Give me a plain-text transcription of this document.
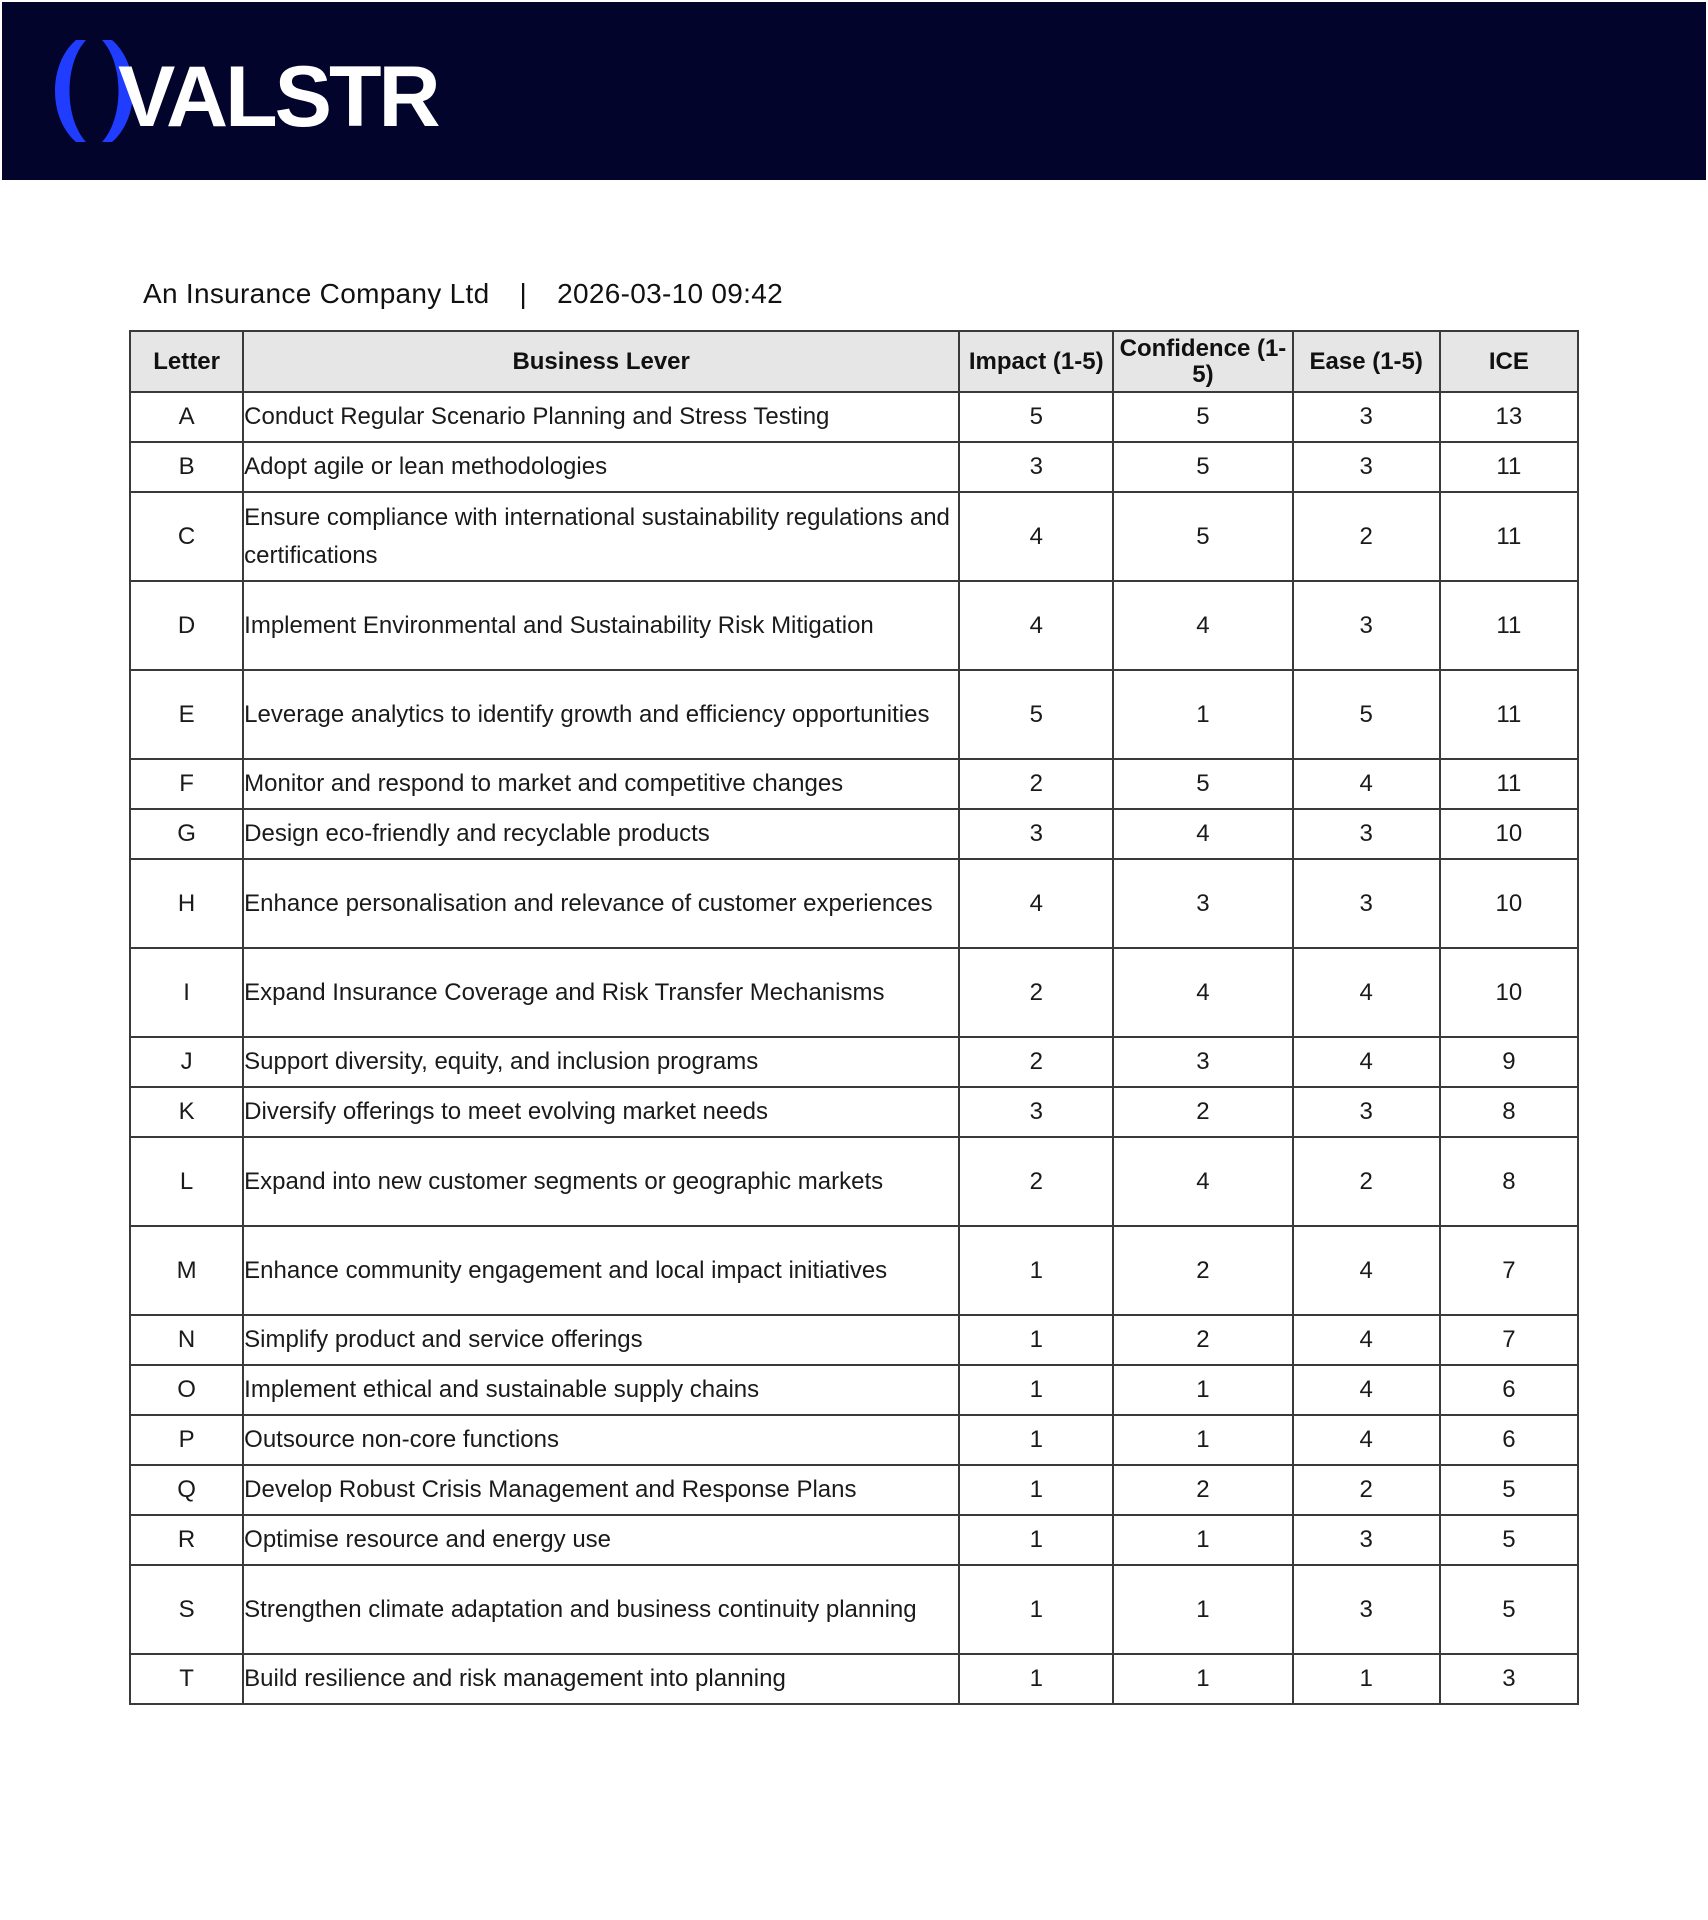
VALSTR
An Insurance Company Ltd | 2026-03-10 09:42
Letter	Business Lever	Impact (1-5)	Confidence (1-5)	Ease (1-5)	ICE
A	Conduct Regular Scenario Planning and Stress Testing	5	5	3	13
B	Adopt agile or lean methodologies	3	5	3	11
C	Ensure compliance with international sustainability regulations and certifications	4	5	2	11
D	Implement Environmental and Sustainability Risk Mitigation	4	4	3	11
E	Leverage analytics to identify growth and efficiency opportunities	5	1	5	11
F	Monitor and respond to market and competitive changes	2	5	4	11
G	Design eco-friendly and recyclable products	3	4	3	10
H	Enhance personalisation and relevance of customer experiences	4	3	3	10
I	Expand Insurance Coverage and Risk Transfer Mechanisms	2	4	4	10
J	Support diversity, equity, and inclusion programs	2	3	4	9
K	Diversify offerings to meet evolving market needs	3	2	3	8
L	Expand into new customer segments or geographic markets	2	4	2	8
M	Enhance community engagement and local impact initiatives	1	2	4	7
N	Simplify product and service offerings	1	2	4	7
O	Implement ethical and sustainable supply chains	1	1	4	6
P	Outsource non-core functions	1	1	4	6
Q	Develop Robust Crisis Management and Response Plans	1	2	2	5
R	Optimise resource and energy use	1	1	3	5
S	Strengthen climate adaptation and business continuity planning	1	1	3	5
T	Build resilience and risk management into planning	1	1	1	3
